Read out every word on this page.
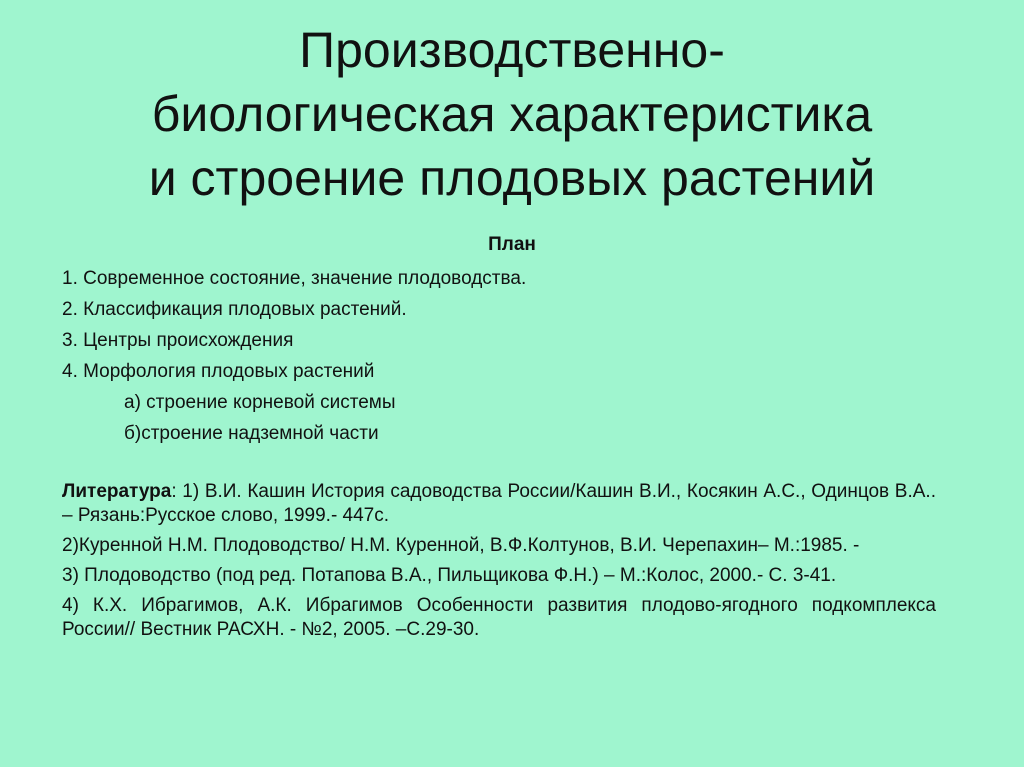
Производственно-
биологическая характеристика
и строение плодовых растений
План
1. Современное состояние, значение плодоводства.
2. Классификация плодовых растений.
3. Центры происхождения
4. Морфология плодовых растений
а) строение корневой системы
б)строение надземной части

Литература: 1) В.И. Кашин История садоводства России/Кашин В.И., Косякин А.С., Одинцов В.А.. – Рязань:Русское слово, 1999.- 447с.

2)Куренной Н.М. Плодоводство/ Н.М. Куренной, В.Ф.Колтунов, В.И. Черепахин– М.:1985. -

3) Плодоводство (под ред. Потапова В.А., Пильщикова Ф.Н.) – М.:Колос, 2000.- С. 3-41.

4) К.Х. Ибрагимов, А.К. Ибрагимов Особенности развития плодово-ягодного подкомплекса России// Вестник РАСХН. - №2, 2005. –С.29-30.
